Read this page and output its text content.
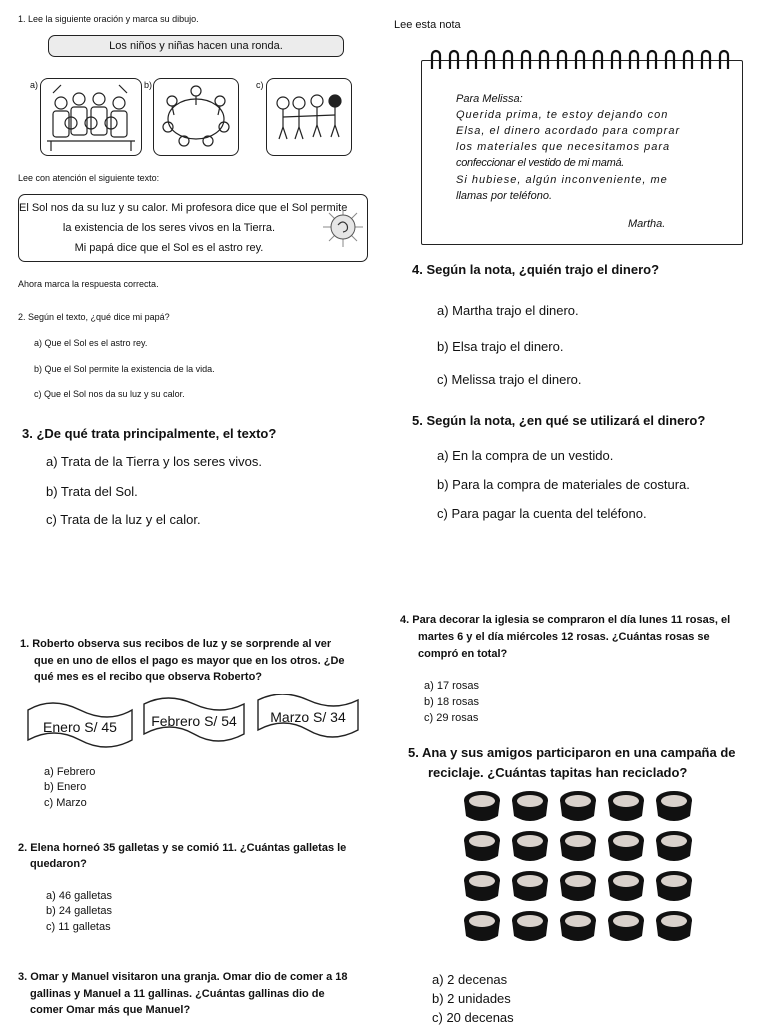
1. Lee la siguiente oración y marca su dibujo.
Los niños y niñas hacen una ronda.
a)	b)	c)
Lee con atención el siguiente texto:
El Sol nos da su luz y su calor. Mi profesora dice que el Sol permite
la existencia de los seres vivos en la Tierra.
Mi papá dice que el Sol es el astro rey.
Ahora marca la respuesta correcta.
2. Según el texto, ¿qué dice mi papá?
a) Que el Sol es el astro rey.
b) Que el Sol permite la existencia de la vida.
c) Que el Sol nos da su luz y su calor.
3. ¿De qué trata principalmente, el texto?
a) Trata de la Tierra y los seres vivos.
b) Trata del Sol.
c) Trata de la luz y el calor.
Lee esta nota
Para Melissa:
Querida prima, te estoy dejando con
Elsa, el dinero acordado para comprar
los materiales que necesitamos para
confeccionar el vestido de mi mamá.
Si hubiese, algún inconveniente, me
llamas por teléfono.
Martha.
4. Según la nota, ¿quién trajo el dinero?
a) Martha trajo el dinero.
b) Elsa trajo el dinero.
c) Melissa trajo el dinero.
5. Según la nota, ¿en qué se utilizará el dinero?
a) En la compra de un vestido.
b) Para la compra de materiales de costura.
c) Para pagar la cuenta del teléfono.
1. Roberto observa sus recibos de luz y se sorprende al ver
que en uno de ellos el pago es mayor que en los otros. ¿De
qué mes es el recibo que observa Roberto?
Enero S/ 45	Febrero S/ 54	Marzo S/ 34
a) Febrero
b) Enero
c) Marzo
2. Elena horneó 35 galletas y se comió 11. ¿Cuántas galletas le
quedaron?
a) 46 galletas
b) 24 galletas
c) 11 galletas
3. Omar y Manuel visitaron una granja. Omar dio de comer a 18
gallinas y Manuel a 11 gallinas. ¿Cuántas gallinas dio de
comer Omar más que Manuel?
4. Para decorar la iglesia se compraron el día lunes 11 rosas, el
martes 6 y el día miércoles 12 rosas. ¿Cuántas rosas se
compró en total?
a) 17 rosas
b) 18 rosas
c) 29 rosas
5. Ana y sus amigos participaron en una campaña de
reciclaje. ¿Cuántas tapitas han reciclado?
a) 2 decenas
b) 2 unidades
c) 20 decenas
